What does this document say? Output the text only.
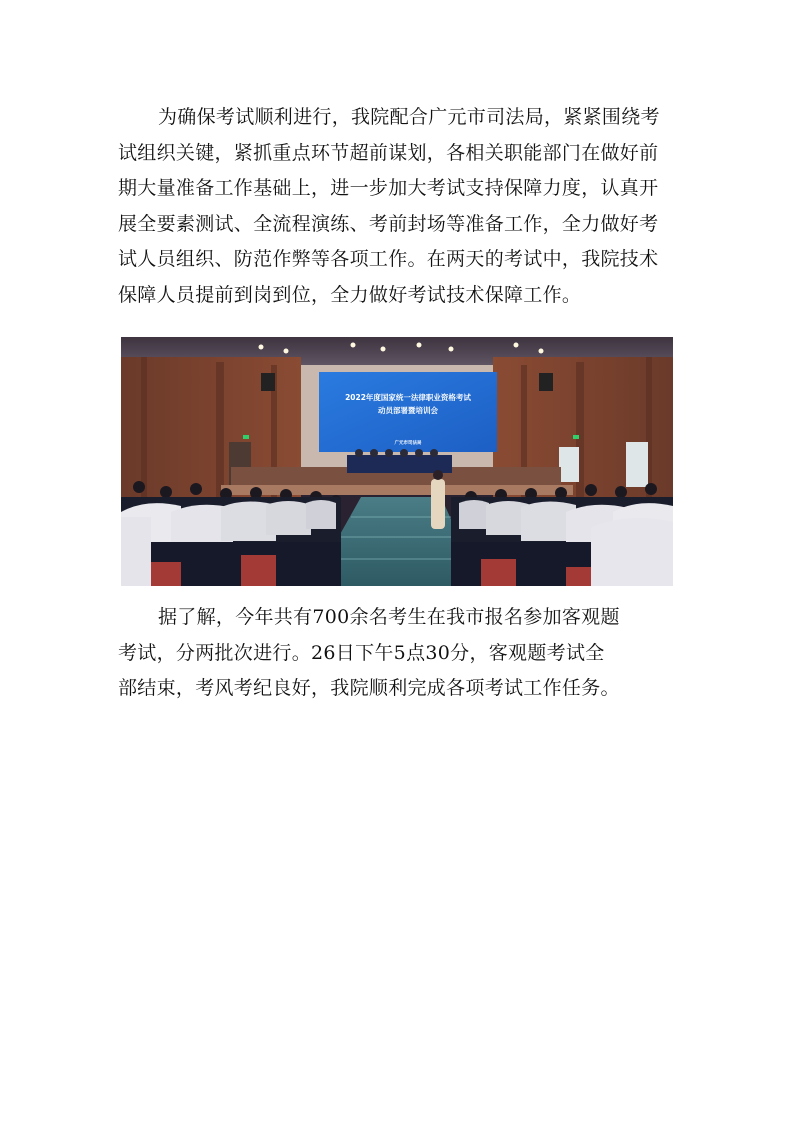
为确保考试顺利进行，我院配合广元市司法局，紧紧围绕考
试组织关键，紧抓重点环节超前谋划，各相关职能部门在做好前
期大量准备工作基础上，进一步加大考试支持保障力度，认真开
展全要素测试、全流程演练、考前封场等准备工作，全力做好考
试人员组织、防范作弊等各项工作。在两天的考试中，我院技术
保障人员提前到岗到位，全力做好考试技术保障工作。
2022年度国家统一法律职业资格考试
动员部署暨培训会
广元市司法局
据了解，今年共有700余名考生在我市报名参加客观题
考试，分两批次进行。26日下午5点30分，客观题考试全
部结束，考风考纪良好，我院顺利完成各项考试工作任务。
